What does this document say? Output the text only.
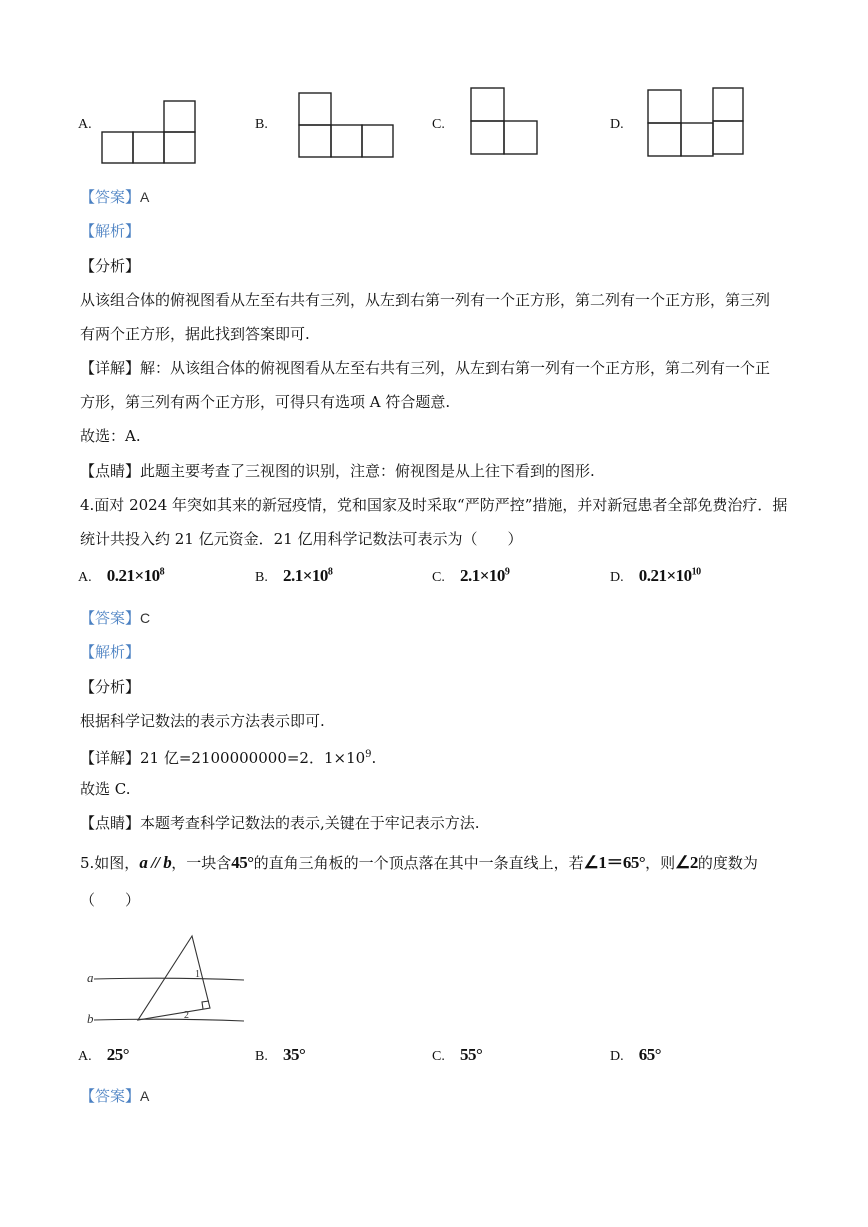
A.	B.	C.	D.
【答案】A
【解析】
【分析】
从该组合体的俯视图看从左至右共有三列，从左到右第一列有一个正方形，第二列有一个正方形，第三列
有两个正方形，据此找到答案即可.
【详解】解：从该组合体的俯视图看从左至右共有三列，从左到右第一列有一个正方形，第二列有一个正
方形，第三列有两个正方形，可得只有选项 A 符合题意.
故选：A.
【点睛】此题主要考查了三视图的识别，注意：俯视图是从上往下看到的图形.
4.面对 2024 年突如其来的新冠疫情，党和国家及时采取“严防严控”措施，并对新冠患者全部免费治疗．据
统计共投入约 21 亿元资金．21 亿用科学记数法可表示为（　　）
A. $0.21\times 10^8$	B. $2.1\times 10^8$	C. $2.1\times 10^9$	D. $0.21\times 10^{10}$
【答案】C
【解析】
【分析】
根据科学记数法的表示方法表示即可.
【详解】21 亿=2100000000=2．$1\times 10^9$.
故选 C.
【点睛】本题考查科学记数法的表示,关键在于牢记表示方法.
5.如图，a // b，一块含45°的直角三角板的一个顶点落在其中一条直线上，若∠1＝65°，则∠2的度数为
（　　）
a
b
1
2
A. 25°	B. 35°	C. 55°	D. 65°
【答案】A
